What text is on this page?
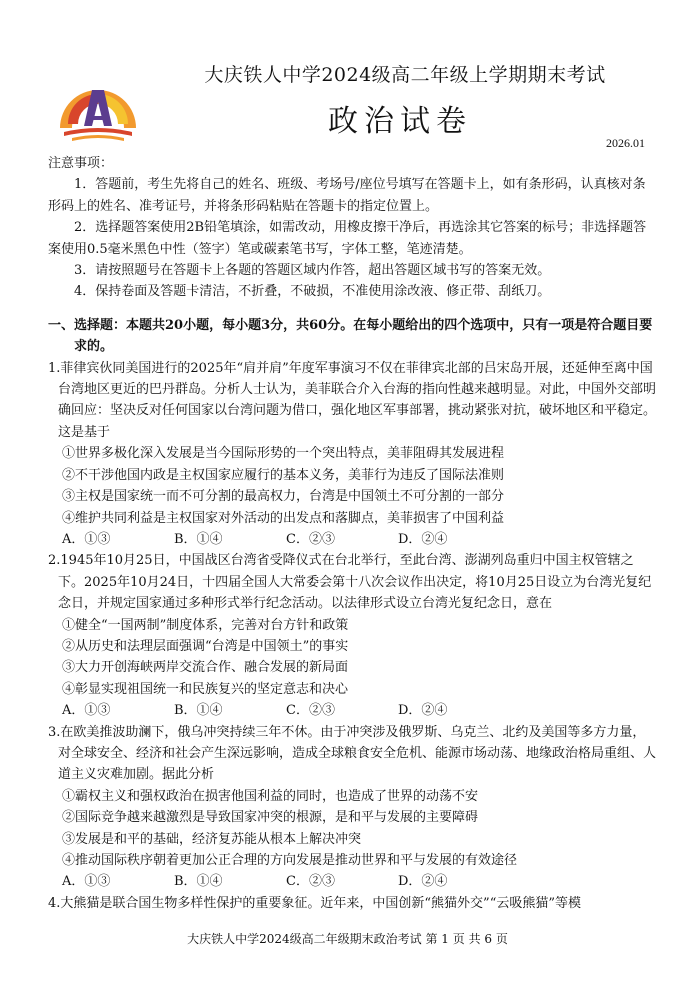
大庆铁人中学2024级高二年级上学期期末考试
政治试卷
2026.01

注意事项：

1．答题前，考生先将自己的姓名、班级、考场号/座位号填写在答题卡上，如有条形码，认真核对条形码上的姓名、准考证号，并将条形码粘贴在答题卡的指定位置上。

2．选择题答案使用2B铅笔填涂，如需改动，用橡皮擦干净后，再选涂其它答案的标号；非选择题答案使用0.5毫米黑色中性（签字）笔或碳素笔书写，字体工整，笔迹清楚。

3．请按照题号在答题卡上各题的答题区域内作答，超出答题区域书写的答案无效。

4．保持卷面及答题卡清洁，不折叠，不破损，不准使用涂改液、修正带、刮纸刀。

一、选择题：本题共20小题，每小题3分，共60分。在每小题给出的四个选项中，只有一项是符合题目要求的。

1.菲律宾伙同美国进行的2025年“肩并肩”年度军事演习不仅在菲律宾北部的吕宋岛开展，还延伸至离中国台湾地区更近的巴丹群岛。分析人士认为，美菲联合介入台海的指向性越来越明显。对此，中国外交部明确回应：坚决反对任何国家以台湾问题为借口，强化地区军事部署，挑动紧张对抗，破坏地区和平稳定。这是基于

①世界多极化深入发展是当今国际形势的一个突出特点，美菲阻碍其发展进程

②不干涉他国内政是主权国家应履行的基本义务，美菲行为违反了国际法准则

③主权是国家统一而不可分割的最高权力，台湾是中国领土不可分割的一部分

④维护共同利益是主权国家对外活动的出发点和落脚点，美菲损害了中国利益

A．①③	B．①④	C．②③	D．②④

2.1945年10月25日，中国战区台湾省受降仪式在台北举行，至此台湾、澎湖列岛重归中国主权管辖之下。2025年10月24日，十四届全国人大常委会第十八次会议作出决定，将10月25日设立为台湾光复纪念日，并规定国家通过多种形式举行纪念活动。以法律形式设立台湾光复纪念日，意在

①健全“一国两制”制度体系，完善对台方针和政策

②从历史和法理层面强调“台湾是中国领土”的事实

③大力开创海峡两岸交流合作、融合发展的新局面

④彰显实现祖国统一和民族复兴的坚定意志和决心

A．①③	B．①④	C．②③	D．②④

3.在欧美推波助澜下，俄乌冲突持续三年不休。由于冲突涉及俄罗斯、乌克兰、北约及美国等多方力量，对全球安全、经济和社会产生深远影响，造成全球粮食安全危机、能源市场动荡、地缘政治格局重组、人道主义灾难加剧。据此分析

①霸权主义和强权政治在损害他国利益的同时，也造成了世界的动荡不安

②国际竞争越来越激烈是导致国家冲突的根源，是和平与发展的主要障碍

③发展是和平的基础，经济复苏能从根本上解决冲突

④推动国际秩序朝着更加公正合理的方向发展是推动世界和平与发展的有效途径

A．①③	B．①④	C．②③	D．②④

4.大熊猫是联合国生物多样性保护的重要象征。近年来，中国创新“熊猫外交”“云吸熊猫”等模

大庆铁人中学2024级高二年级期末政治考试 第 1 页 共 6 页
